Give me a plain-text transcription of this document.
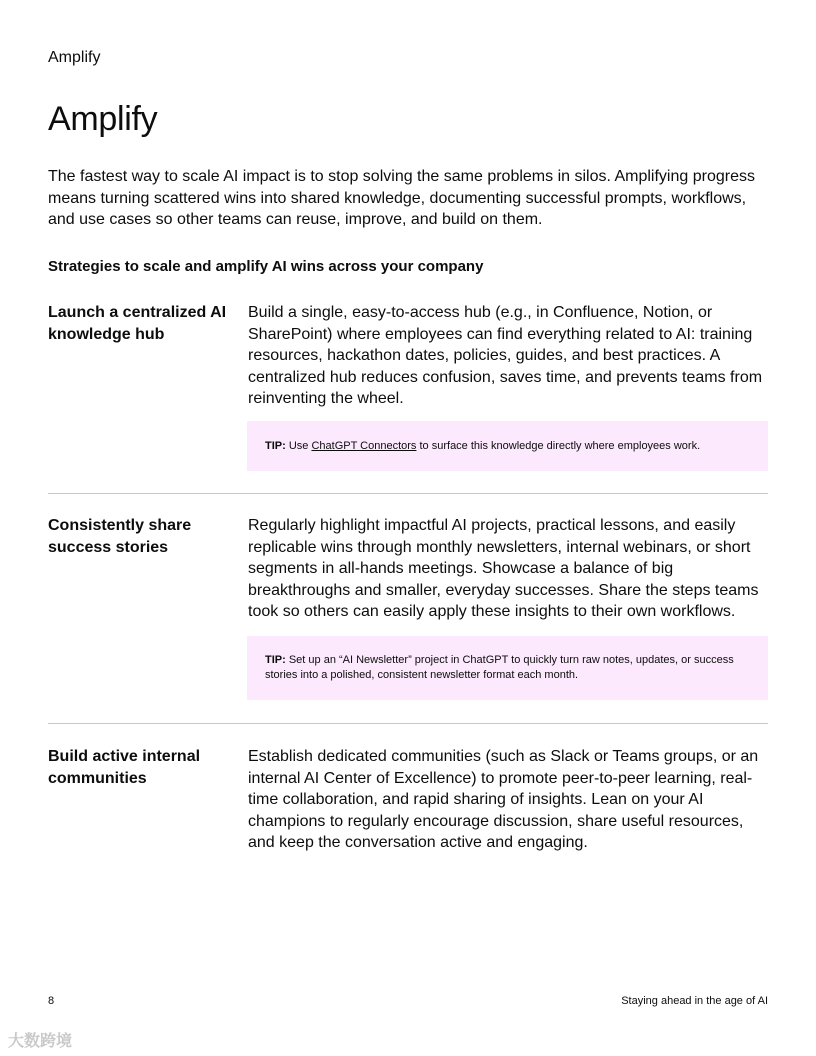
Amplify
Amplify

The fastest way to scale AI impact is to stop solving the same problems in silos. Amplifying progress means turning scattered wins into shared knowledge, documenting successful prompts, workflows, and use cases so other teams can reuse, improve, and build on them.

Strategies to scale and amplify AI wins across your company

Launch a centralized AI knowledge hub

Build a single, easy-to-access hub (e.g., in Confluence, Notion, or SharePoint) where employees can find everything related to AI: training resources, hackathon dates, policies, guides, and best practices. A centralized hub reduces confusion, saves time, and prevents teams from reinventing the wheel.

TIP: Use ChatGPT Connectors to surface this knowledge directly where employees work.

Consistently share success stories

Regularly highlight impactful AI projects, practical lessons, and easily replicable wins through monthly newsletters, internal webinars, or short segments in all-hands meetings. Showcase a balance of big breakthroughs and smaller, everyday successes. Share the steps teams took so others can easily apply these insights to their own workflows.

TIP: Set up an “AI Newsletter” project in ChatGPT to quickly turn raw notes, updates, or success stories into a polished, consistent newsletter format each month.

Build active internal communities

Establish dedicated communities (such as Slack or Teams groups, or an internal AI Center of Excellence) to promote peer-to-peer learning, real-time collaboration, and rapid sharing of insights. Lean on your AI champions to regularly encourage discussion, share useful resources, and keep the conversation active and engaging.

8	Staying ahead in the age of AI
大数跨境
